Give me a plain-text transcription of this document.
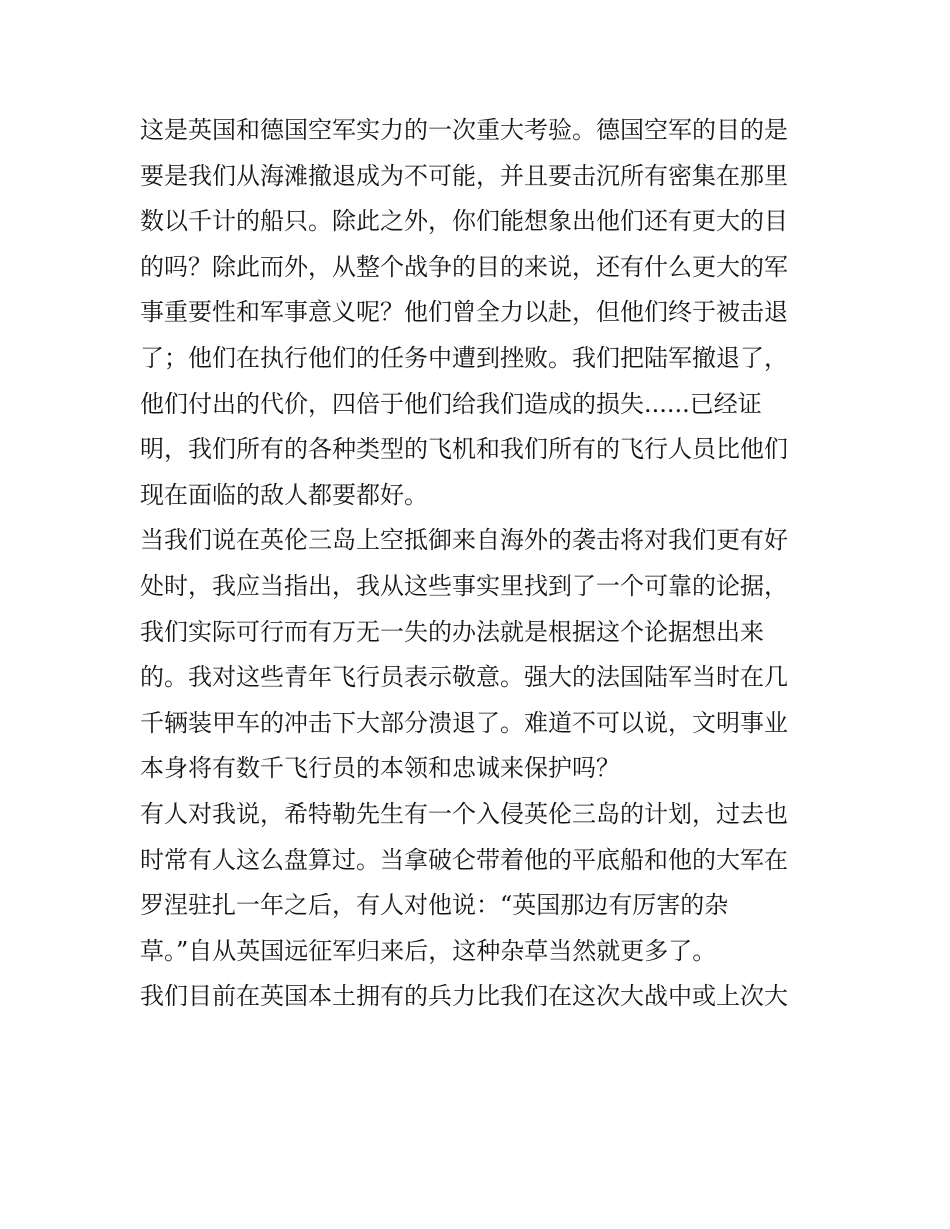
这是英国和德国空军实力的一次重大考验。德国空军的目的是
要是我们从海滩撤退成为不可能，并且要击沉所有密集在那里
数以千计的船只。除此之外，你们能想象出他们还有更大的目
的吗？除此而外，从整个战争的目的来说，还有什么更大的军
事重要性和军事意义呢？他们曾全力以赴，但他们终于被击退
了；他们在执行他们的任务中遭到挫败。我们把陆军撤退了，
他们付出的代价，四倍于他们给我们造成的损失......已经证
明，我们所有的各种类型的飞机和我们所有的飞行人员比他们
现在面临的敌人都要都好。
当我们说在英伦三岛上空抵御来自海外的袭击将对我们更有好
处时，我应当指出，我从这些事实里找到了一个可靠的论据，
我们实际可行而有万无一失的办法就是根据这个论据想出来
的。我对这些青年飞行员表示敬意。强大的法国陆军当时在几
千辆装甲车的冲击下大部分溃退了。难道不可以说，文明事业
本身将有数千飞行员的本领和忠诚来保护吗？
有人对我说，希特勒先生有一个入侵英伦三岛的计划，过去也
时常有人这么盘算过。当拿破仑带着他的平底船和他的大军在
罗涅驻扎一年之后，有人对他说：“英国那边有厉害的杂
草。”自从英国远征军归来后，这种杂草当然就更多了。
我们目前在英国本土拥有的兵力比我们在这次大战中或上次大
